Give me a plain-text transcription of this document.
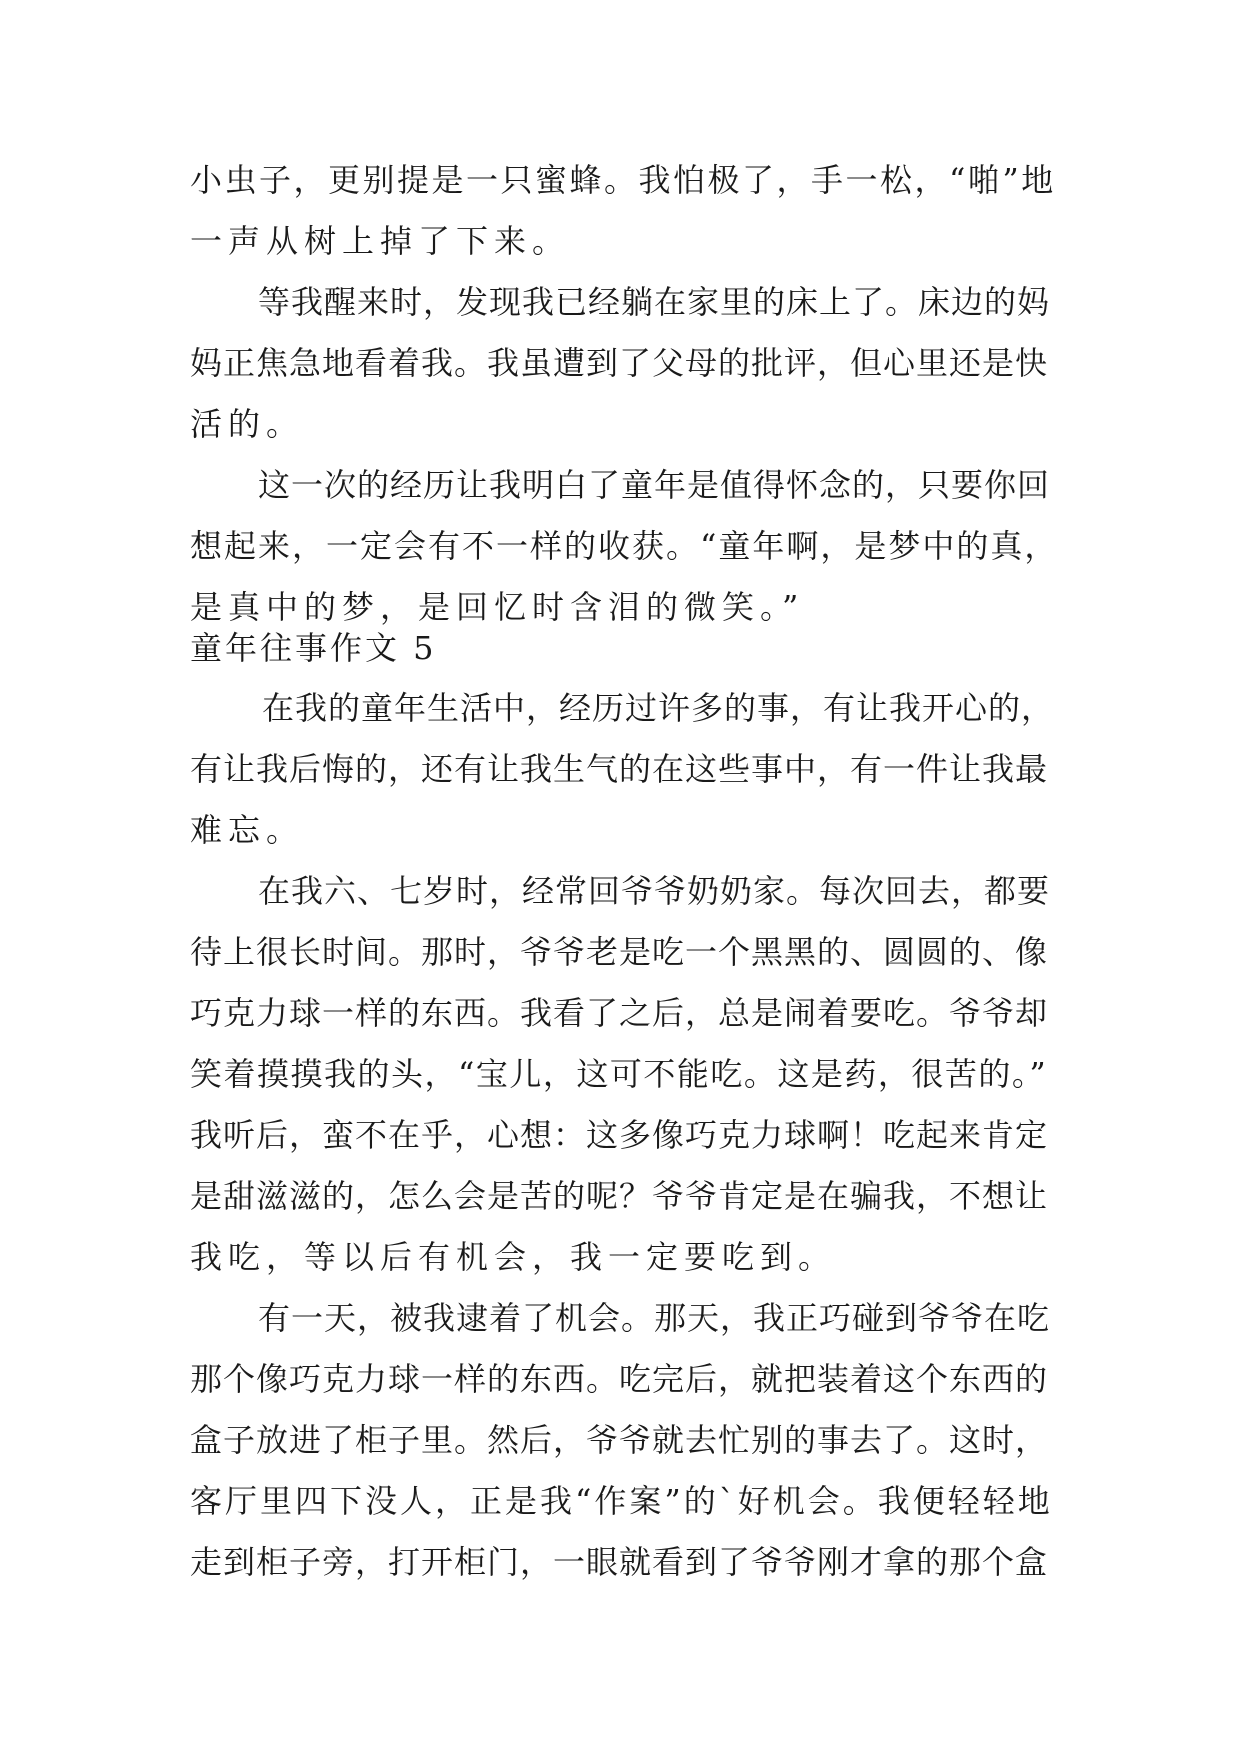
小虫子，更别提是一只蜜蜂。我怕极了，手一松，“啪”地
一声从树上掉了下来。
等我醒来时，发现我已经躺在家里的床上了。床边的妈
妈正焦急地看着我。我虽遭到了父母的批评，但心里还是快
活的。
这一次的经历让我明白了童年是值得怀念的，只要你回
想起来，一定会有不一样的收获。“童年啊，是梦中的真，
是真中的梦，是回忆时含泪的微笑。”
童年往事作文 5
在我的童年生活中，经历过许多的事，有让我开心的，
有让我后悔的，还有让我生气的在这些事中，有一件让我最
难忘。
在我六、七岁时，经常回爷爷奶奶家。每次回去，都要
待上很长时间。那时，爷爷老是吃一个黑黑的、圆圆的、像
巧克力球一样的东西。我看了之后，总是闹着要吃。爷爷却
笑着摸摸我的头，“宝儿，这可不能吃。这是药，很苦的。”
我听后，蛮不在乎，心想：这多像巧克力球啊！吃起来肯定
是甜滋滋的，怎么会是苦的呢？爷爷肯定是在骗我，不想让
我吃，等以后有机会，我一定要吃到。
有一天，被我逮着了机会。那天，我正巧碰到爷爷在吃
那个像巧克力球一样的东西。吃完后，就把装着这个东西的
盒子放进了柜子里。然后，爷爷就去忙别的事去了。这时，
客厅里四下没人，正是我“作案”的`好机会。我便轻轻地
走到柜子旁，打开柜门，一眼就看到了爷爷刚才拿的那个盒
